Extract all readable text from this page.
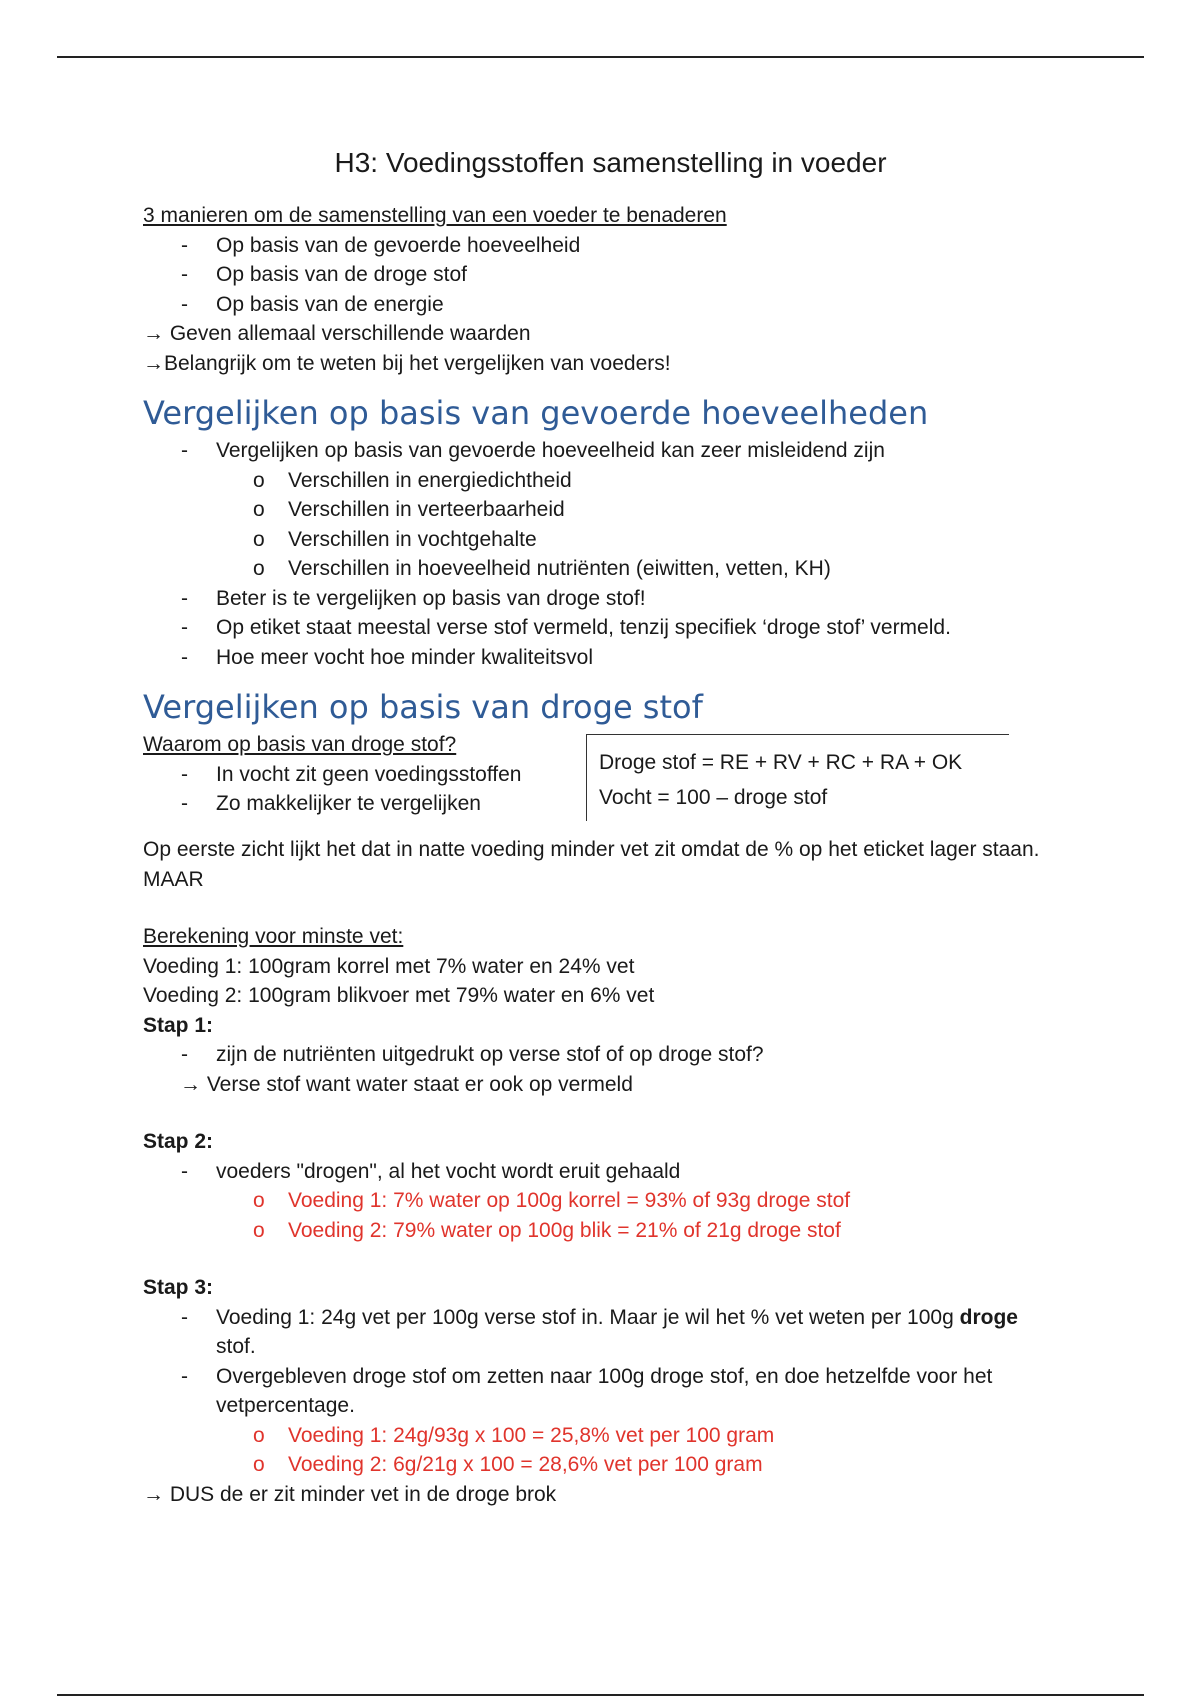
H3: Voedingsstoffen samenstelling in voeder
3 manieren om de samenstelling van een voeder te benaderen
- Op basis van de gevoerde hoeveelheid
- Op basis van de droge stof
- Op basis van de energie
→ Geven allemaal verschillende waarden
→Belangrijk om te weten bij het vergelijken van voeders!
Vergelijken op basis van gevoerde hoeveelheden
- Vergelijken op basis van gevoerde hoeveelheid kan zeer misleidend zijn
o Verschillen in energiedichtheid
o Verschillen in verteerbaarheid
o Verschillen in vochtgehalte
o Verschillen in hoeveelheid nutriënten (eiwitten, vetten, KH)
- Beter is te vergelijken op basis van droge stof!
- Op etiket staat meestal verse stof vermeld, tenzij specifiek ‘droge stof’ vermeld.
- Hoe meer vocht hoe minder kwaliteitsvol
Vergelijken op basis van droge stof
Waarom op basis van droge stof?
- In vocht zit geen voedingsstoffen
- Zo makkelijker te vergelijken
Droge stof = RE + RV + RC + RA + OK
Vocht = 100 – droge stof
Op eerste zicht lijkt het dat in natte voeding minder vet zit omdat de % op het eticket lager staan. MAAR
Berekening voor minste vet:
Voeding 1: 100gram korrel met 7% water en 24% vet
Voeding 2: 100gram blikvoer met 79% water en 6% vet
Stap 1:
- zijn de nutriënten uitgedrukt op verse stof of op droge stof?
→ Verse stof want water staat er ook op vermeld
Stap 2:
- voeders "drogen", al het vocht wordt eruit gehaald
o Voeding 1: 7% water op 100g korrel = 93% of 93g droge stof
o Voeding 2: 79% water op 100g blik = 21% of 21g droge stof
Stap 3:
- Voeding 1: 24g vet per 100g verse stof in. Maar je wil het % vet weten per 100g droge stof.
- Overgebleven droge stof om zetten naar 100g droge stof, en doe hetzelfde voor het vetpercentage.
o Voeding 1: 24g/93g x 100 = 25,8% vet per 100 gram
o Voeding 2: 6g/21g x 100 = 28,6% vet per 100 gram
→ DUS de er zit minder vet in de droge brok
